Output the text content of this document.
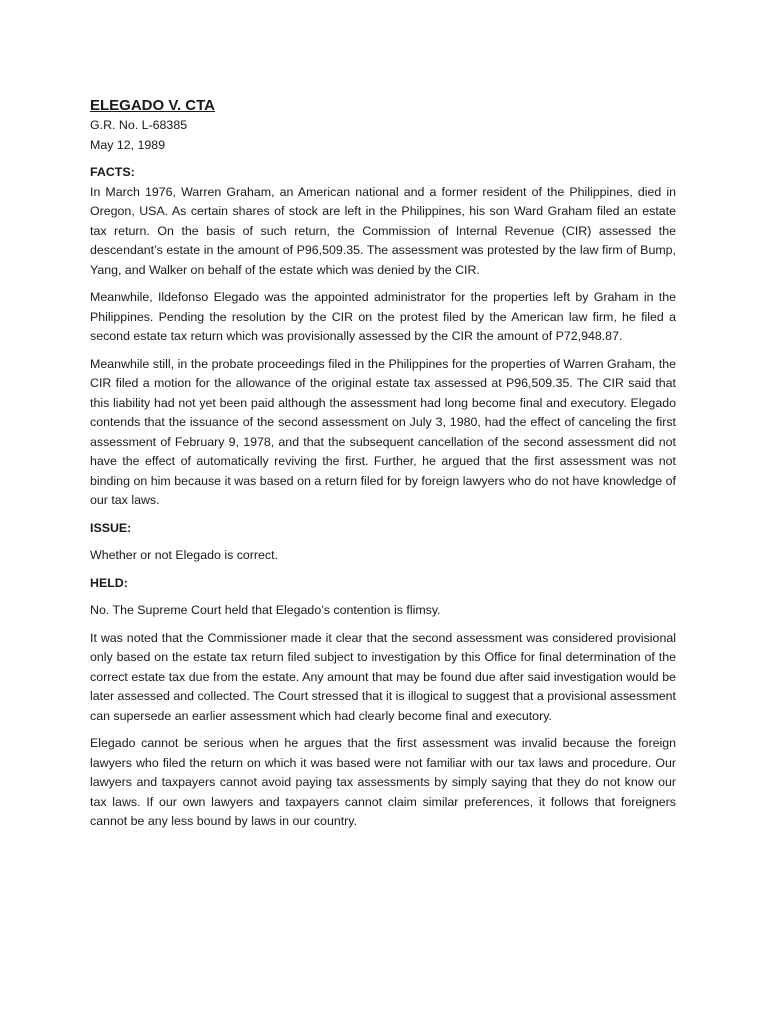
ELEGADO V. CTA
G.R. No. L-68385
May 12, 1989
FACTS:

In March 1976, Warren Graham, an American national and a former resident of the Philippines, died in Oregon, USA. As certain shares of stock are left in the Philippines, his son Ward Graham filed an estate tax return. On the basis of such return, the Commission of Internal Revenue (CIR) assessed the descendant’s estate in the amount of P96,509.35. The assessment was protested by the law firm of Bump, Yang, and Walker on behalf of the estate which was denied by the CIR.

Meanwhile, Ildefonso Elegado was the appointed administrator for the properties left by Graham in the Philippines. Pending the resolution by the CIR on the protest filed by the American law firm, he filed a second estate tax return which was provisionally assessed by the CIR the amount of P72,948.87.

Meanwhile still, in the probate proceedings filed in the Philippines for the properties of Warren Graham, the CIR filed a motion for the allowance of the original estate tax assessed at P96,509.35. The CIR said that this liability had not yet been paid although the assessment had long become final and executory. Elegado contends that the issuance of the second assessment on July 3, 1980, had the effect of canceling the first assessment of February 9, 1978, and that the subsequent cancellation of the second assessment did not have the effect of automatically reviving the first. Further, he argued that the first assessment was not binding on him because it was based on a return filed for by foreign lawyers who do not have knowledge of our tax laws.

ISSUE:

Whether or not Elegado is correct.

HELD:

No. The Supreme Court held that Elegado’s contention is flimsy.

It was noted that the Commissioner made it clear that the second assessment was considered provisional only based on the estate tax return filed subject to investigation by this Office for final determination of the correct estate tax due from the estate. Any amount that may be found due after said investigation would be later assessed and collected. The Court stressed that it is illogical to suggest that a provisional assessment can supersede an earlier assessment which had clearly become final and executory.

Elegado cannot be serious when he argues that the first assessment was invalid because the foreign lawyers who filed the return on which it was based were not familiar with our tax laws and procedure. Our lawyers and taxpayers cannot avoid paying tax assessments by simply saying that they do not know our tax laws. If our own lawyers and taxpayers cannot claim similar preferences, it follows that foreigners cannot be any less bound by laws in our country.
